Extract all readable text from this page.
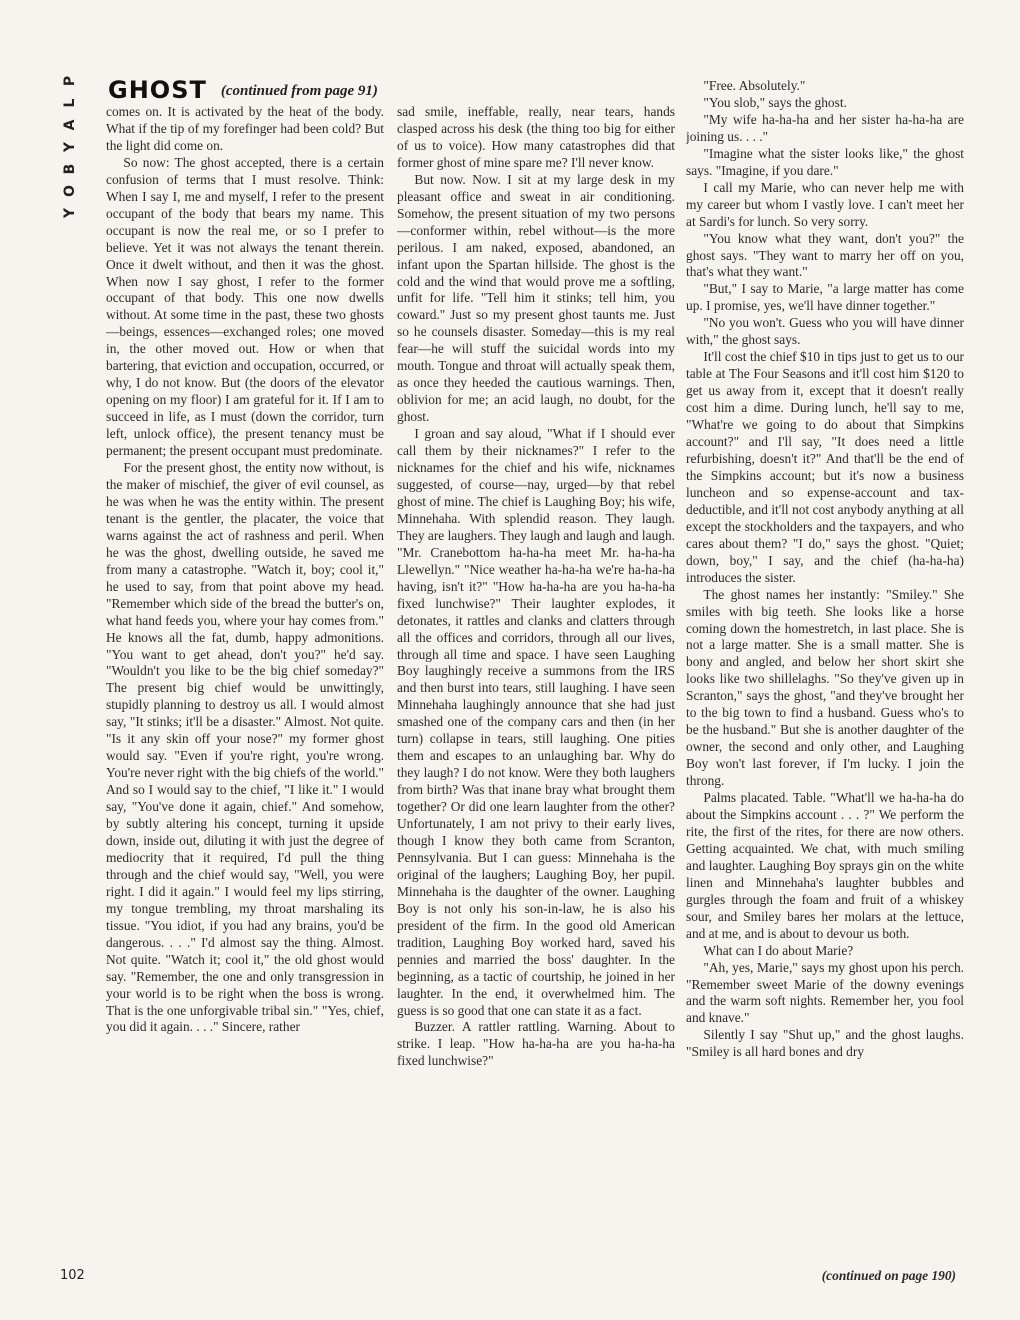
P
L
A
Y
B
O
Y
GHOST (continued from page 91)

comes on. It is activated by the heat of the body. What if the tip of my forefinger had been cold? But the light did come on.

So now: The ghost accepted, there is a certain confusion of terms that I must resolve. Think: When I say I, me and myself, I refer to the present occupant of the body that bears my name. This occupant is now the real me, or so I prefer to believe. Yet it was not always the tenant therein. Once it dwelt without, and then it was the ghost. When now I say ghost, I refer to the former occupant of that body. This one now dwells without. At some time in the past, these two ghosts—beings, essences—exchanged roles; one moved in, the other moved out. How or when that bartering, that eviction and occupation, occurred, or why, I do not know. But (the doors of the elevator opening on my floor) I am grateful for it. If I am to succeed in life, as I must (down the corridor, turn left, unlock office), the present tenancy must be permanent; the present occupant must predominate.

For the present ghost, the entity now without, is the maker of mischief, the giver of evil counsel, as he was when he was the entity within. The present tenant is the gentler, the placater, the voice that warns against the act of rashness and peril. When he was the ghost, dwelling outside, he saved me from many a catastrophe. "Watch it, boy; cool it," he used to say, from that point above my head. "Remember which side of the bread the butter's on, what hand feeds you, where your hay comes from." He knows all the fat, dumb, happy admonitions. "You want to get ahead, don't you?" he'd say. "Wouldn't you like to be the big chief someday?" The present big chief would be unwittingly, stupidly planning to destroy us all. I would almost say, "It stinks; it'll be a disaster." Almost. Not quite. "Is it any skin off your nose?" my former ghost would say. "Even if you're right, you're wrong. You're never right with the big chiefs of the world." And so I would say to the chief, "I like it." I would say, "You've done it again, chief." And somehow, by subtly altering his concept, turning it upside down, inside out, diluting it with just the degree of mediocrity that it required, I'd pull the thing through and the chief would say, "Well, you were right. I did it again." I would feel my lips stirring, my tongue trembling, my throat marshaling its tissue. "You idiot, if you had any brains, you'd be dangerous. . . ." I'd almost say the thing. Almost. Not quite. "Watch it; cool it," the old ghost would say. "Remember, the one and only transgression in your world is to be right when the boss is wrong. That is the one unforgivable tribal sin." "Yes, chief, you did it again. . . ." Sincere, rather

sad smile, ineffable, really, near tears, hands clasped across his desk (the thing too big for either of us to voice). How many catastrophes did that former ghost of mine spare me? I'll never know.

But now. Now. I sit at my large desk in my pleasant office and sweat in air conditioning. Somehow, the present situation of my two persons—conformer within, rebel without—is the more perilous. I am naked, exposed, abandoned, an infant upon the Spartan hillside. The ghost is the cold and the wind that would prove me a softling, unfit for life. "Tell him it stinks; tell him, you coward." Just so my present ghost taunts me. Just so he counsels disaster. Someday—this is my real fear—he will stuff the suicidal words into my mouth. Tongue and throat will actually speak them, as once they heeded the cautious warnings. Then, oblivion for me; an acid laugh, no doubt, for the ghost.

I groan and say aloud, "What if I should ever call them by their nicknames?" I refer to the nicknames for the chief and his wife, nicknames suggested, of course—nay, urged—by that rebel ghost of mine. The chief is Laughing Boy; his wife, Minnehaha. With splendid reason. They laugh. They are laughers. They laugh and laugh and laugh. "Mr. Cranebottom ha-ha-ha meet Mr. ha-ha-ha Llewellyn." "Nice weather ha-ha-ha we're ha-ha-ha having, isn't it?" "How ha-ha-ha are you ha-ha-ha fixed lunchwise?" Their laughter explodes, it detonates, it rattles and clanks and clatters through all the offices and corridors, through all our lives, through all time and space. I have seen Laughing Boy laughingly receive a summons from the IRS and then burst into tears, still laughing. I have seen Minnehaha laughingly announce that she had just smashed one of the company cars and then (in her turn) collapse in tears, still laughing. One pities them and escapes to an unlaughing bar. Why do they laugh? I do not know. Were they both laughers from birth? Was that inane bray what brought them together? Or did one learn laughter from the other? Unfortunately, I am not privy to their early lives, though I know they both came from Scranton, Pennsylvania. But I can guess: Minnehaha is the original of the laughers; Laughing Boy, her pupil. Minnehaha is the daughter of the owner. Laughing Boy is not only his son-in-law, he is also his president of the firm. In the good old American tradition, Laughing Boy worked hard, saved his pennies and married the boss' daughter. In the beginning, as a tactic of courtship, he joined in her laughter. In the end, it overwhelmed him. The guess is so good that one can state it as a fact.

Buzzer. A rattler rattling. Warning. About to strike. I leap. "How ha-ha-ha are you ha-ha-ha fixed lunchwise?"

"Free. Absolutely."

"You slob," says the ghost.

"My wife ha-ha-ha and her sister ha-ha-ha are joining us. . . ."

"Imagine what the sister looks like," the ghost says. "Imagine, if you dare."

I call my Marie, who can never help me with my career but whom I vastly love. I can't meet her at Sardi's for lunch. So very sorry.

"You know what they want, don't you?" the ghost says. "They want to marry her off on you, that's what they want."

"But," I say to Marie, "a large matter has come up. I promise, yes, we'll have dinner together."

"No you won't. Guess who you will have dinner with," the ghost says.

It'll cost the chief $10 in tips just to get us to our table at The Four Seasons and it'll cost him $120 to get us away from it, except that it doesn't really cost him a dime. During lunch, he'll say to me, "What're we going to do about that Simpkins account?" and I'll say, "It does need a little refurbishing, doesn't it?" And that'll be the end of the Simpkins account; but it's now a business luncheon and so expense-account and tax-deductible, and it'll not cost anybody anything at all except the stockholders and the taxpayers, and who cares about them? "I do," says the ghost. "Quiet; down, boy," I say, and the chief (ha-ha-ha) introduces the sister.

The ghost names her instantly: "Smiley." She smiles with big teeth. She looks like a horse coming down the homestretch, in last place. She is not a large matter. She is a small matter. She is bony and angled, and below her short skirt she looks like two shillelaghs. "So they've given up in Scranton," says the ghost, "and they've brought her to the big town to find a husband. Guess who's to be the husband." But she is another daughter of the owner, the second and only other, and Laughing Boy won't last forever, if I'm lucky. I join the throng.

Palms placated. Table. "What'll we ha-ha-ha do about the Simpkins account . . . ?" We perform the rite, the first of the rites, for there are now others. Getting acquainted. We chat, with much smiling and laughter. Laughing Boy sprays gin on the white linen and Minnehaha's laughter bubbles and gurgles through the foam and fruit of a whiskey sour, and Smiley bares her molars at the lettuce, and at me, and is about to devour us both.

What can I do about Marie?

"Ah, yes, Marie," says my ghost upon his perch. "Remember sweet Marie of the downy evenings and the warm soft nights. Remember her, you fool and knave."

Silently I say "Shut up," and the ghost laughs. "Smiley is all hard bones and dry

(continued on page 190)
102
